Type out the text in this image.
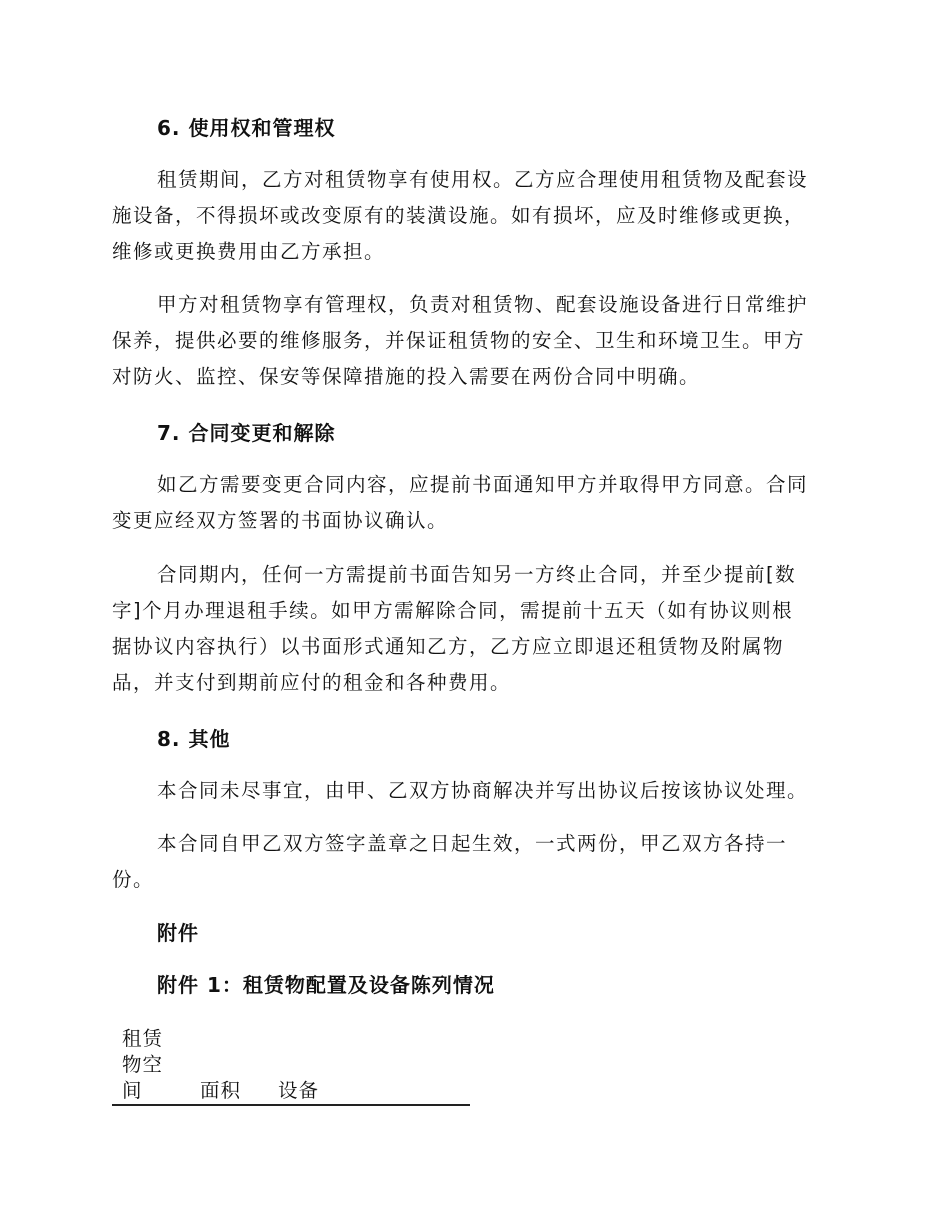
6. 使用权和管理权
租赁期间，乙方对租赁物享有使用权。乙方应合理使用租赁物及配套设
施设备，不得损坏或改变原有的装潢设施。如有损坏，应及时维修或更换，
维修或更换费用由乙方承担。
甲方对租赁物享有管理权，负责对租赁物、配套设施设备进行日常维护
保养，提供必要的维修服务，并保证租赁物的安全、卫生和环境卫生。甲方
对防火、监控、保安等保障措施的投入需要在两份合同中明确。
7. 合同变更和解除
如乙方需要变更合同内容，应提前书面通知甲方并取得甲方同意。合同
变更应经双方签署的书面协议确认。
合同期内，任何一方需提前书面告知另一方终止合同，并至少提前[数
字]个月办理退租手续。如甲方需解除合同，需提前十五天（如有协议则根
据协议内容执行）以书面形式通知乙方，乙方应立即退还租赁物及附属物
品，并支付到期前应付的租金和各种费用。
8. 其他
本合同未尽事宜，由甲、乙双方协商解决并写出协议后按该协议处理。
本合同自甲乙双方签字盖章之日起生效，一式两份，甲乙双方各持一
份。
附件
附件 1：租赁物配置及设备陈列情况
租赁
物空
间	面积 设备
